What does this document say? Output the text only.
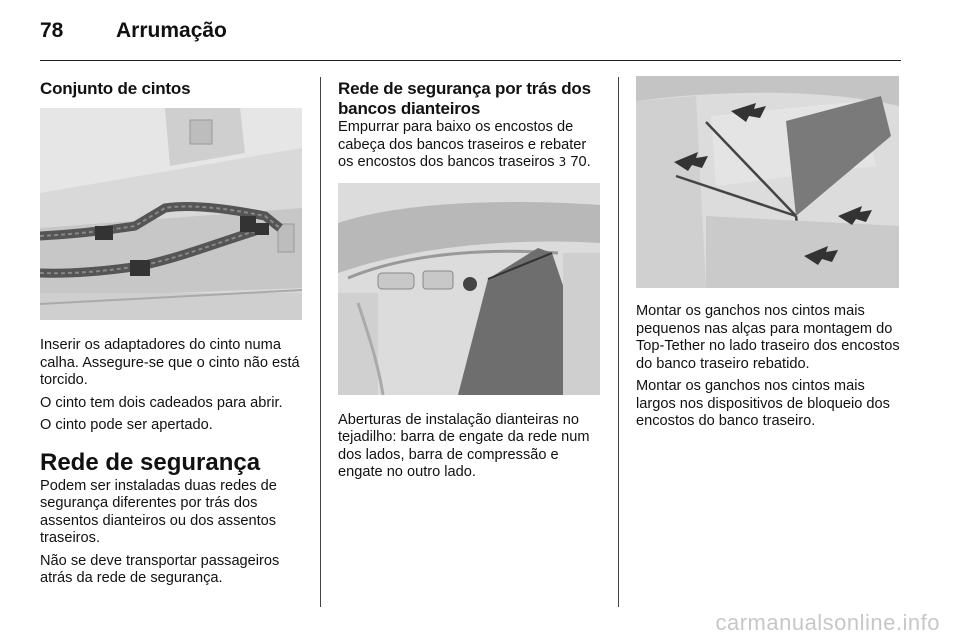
78	Arrumação
Conjunto de cintos

Inserir os adaptadores do cinto numa calha. Assegure-se que o cinto não está torcido.

O cinto tem dois cadeados para abrir.

O cinto pode ser apertado.

Rede de segurança

Podem ser instaladas duas redes de segurança diferentes por trás dos assentos dianteiros ou dos assentos traseiros.

Não se deve transportar passageiros atrás da rede de segurança.

Rede de segurança por trás dos bancos dianteiros

Empurrar para baixo os encostos de cabeça dos bancos traseiros e rebater os encostos dos bancos traseiros 3 70.

Aberturas de instalação dianteiras no tejadilho: barra de engate da rede num dos lados, barra de compressão e engate no outro lado.

Montar os ganchos nos cintos mais pequenos nas alças para montagem do Top-Tether no lado traseiro dos encostos do banco traseiro rebatido.

Montar os ganchos nos cintos mais largos nos dispositivos de bloqueio dos encostos do banco traseiro.

carmanualsonline.info
